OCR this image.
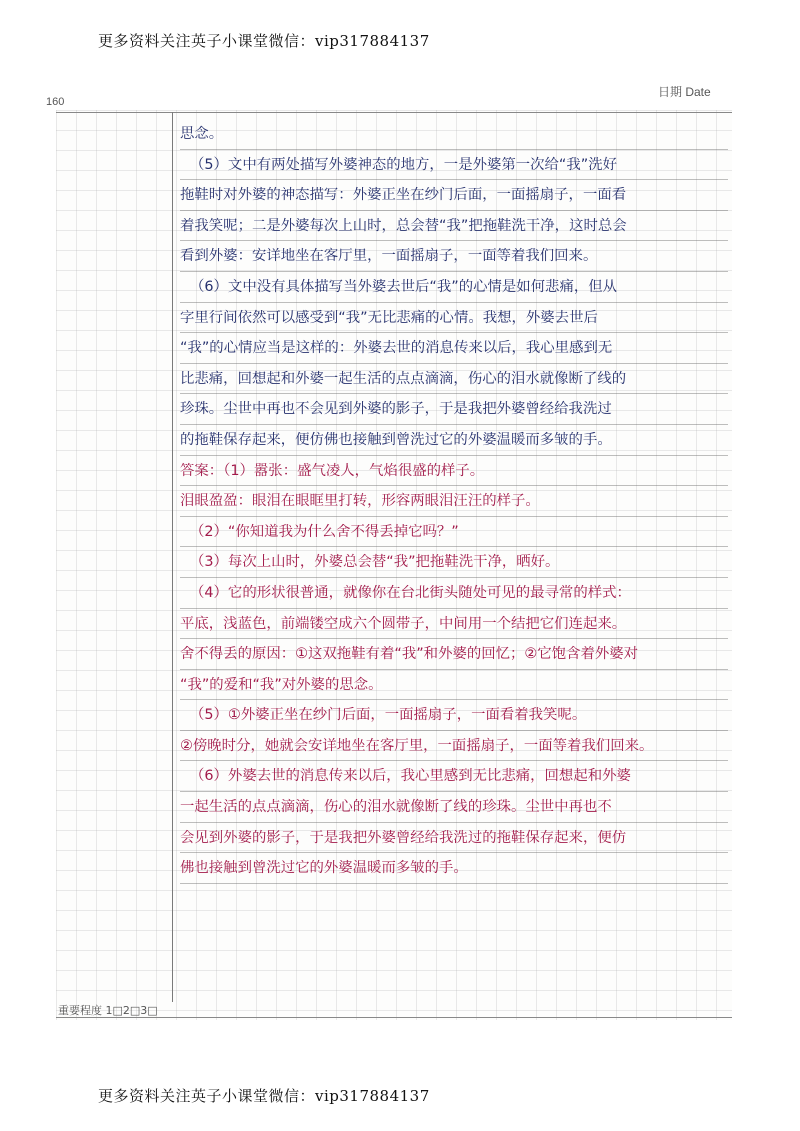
更多资料关注英子小课堂微信：vip317884137
160
日期 Date
思念。
（5）文中有两处描写外婆神态的地方，一是外婆第一次给“我”洗好
拖鞋时对外婆的神态描写：外婆正坐在纱门后面，一面摇扇子，一面看
着我笑呢；二是外婆每次上山时，总会替“我”把拖鞋洗干净，这时总会
看到外婆：安详地坐在客厅里，一面摇扇子，一面等着我们回来。
（6）文中没有具体描写当外婆去世后“我”的心情是如何悲痛，但从
字里行间依然可以感受到“我”无比悲痛的心情。我想，外婆去世后
“我”的心情应当是这样的：外婆去世的消息传来以后，我心里感到无
比悲痛，回想起和外婆一起生活的点点滴滴，伤心的泪水就像断了线的
珍珠。尘世中再也不会见到外婆的影子，于是我把外婆曾经给我洗过
的拖鞋保存起来，便仿佛也接触到曾洗过它的外婆温暖而多皱的手。
答案：（1）嚣张：盛气凌人，气焰很盛的样子。
泪眼盈盈：眼泪在眼眶里打转，形容两眼泪汪汪的样子。
（2）“你知道我为什么舍不得丢掉它吗？”
（3）每次上山时，外婆总会替“我”把拖鞋洗干净，晒好。
（4）它的形状很普通，就像你在台北街头随处可见的最寻常的样式：
平底，浅蓝色，前端镂空成六个圆带子，中间用一个结把它们连起来。
舍不得丢的原因：①这双拖鞋有着“我”和外婆的回忆；②它饱含着外婆对
“我”的爱和“我”对外婆的思念。
（5）①外婆正坐在纱门后面，一面摇扇子，一面看着我笑呢。
②傍晚时分，她就会安详地坐在客厅里，一面摇扇子，一面等着我们回来。
（6）外婆去世的消息传来以后，我心里感到无比悲痛，回想起和外婆
一起生活的点点滴滴，伤心的泪水就像断了线的珍珠。尘世中再也不
会见到外婆的影子，于是我把外婆曾经给我洗过的拖鞋保存起来，便仿
佛也接触到曾洗过它的外婆温暖而多皱的手。
重要程度 1□2□3□
更多资料关注英子小课堂微信：vip317884137
